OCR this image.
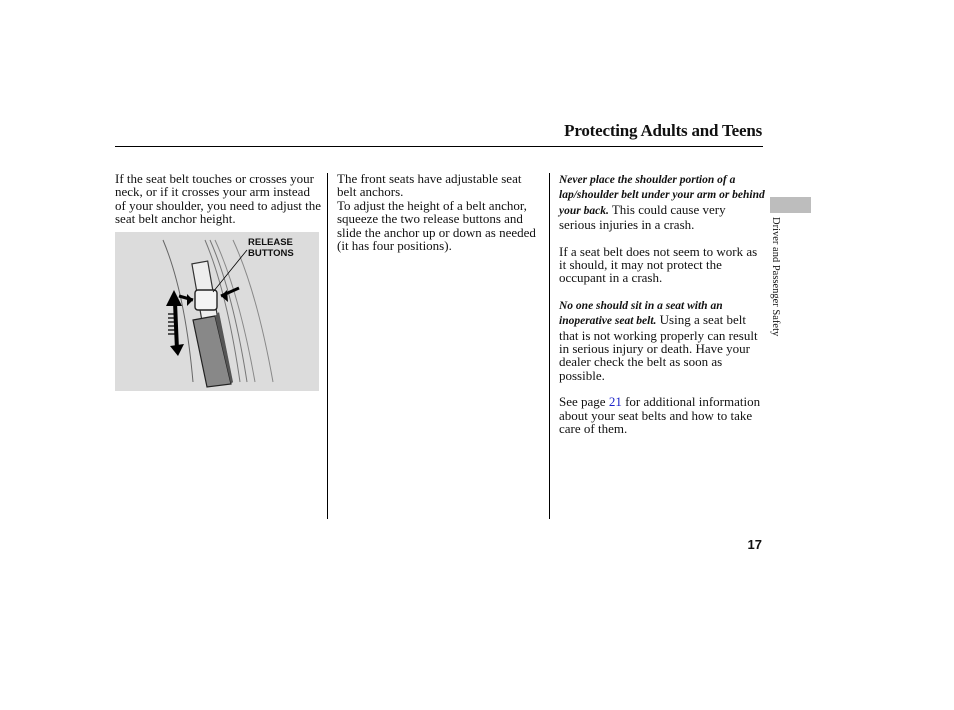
Protecting Adults and Teens

If the seat belt touches or crosses your neck, or if it crosses your arm instead of your shoulder, you need to adjust the seat belt anchor height.

RELEASE
BUTTONS

The front seats have adjustable seat belt anchors.

To adjust the height of a belt anchor, squeeze the two release buttons and slide the anchor up or down as needed (it has four positions).

Never place the shoulder portion of a lap/shoulder belt under your arm or behind your back. This could cause very serious injuries in a crash.

If a seat belt does not seem to work as it should, it may not protect the occupant in a crash.

No one should sit in a seat with an inoperative seat belt. Using a seat belt that is not working properly can result in serious injury or death. Have your dealer check the belt as soon as possible.

See page 21 for additional information about your seat belts and how to take care of them.

Driver and Passenger Safety
17
